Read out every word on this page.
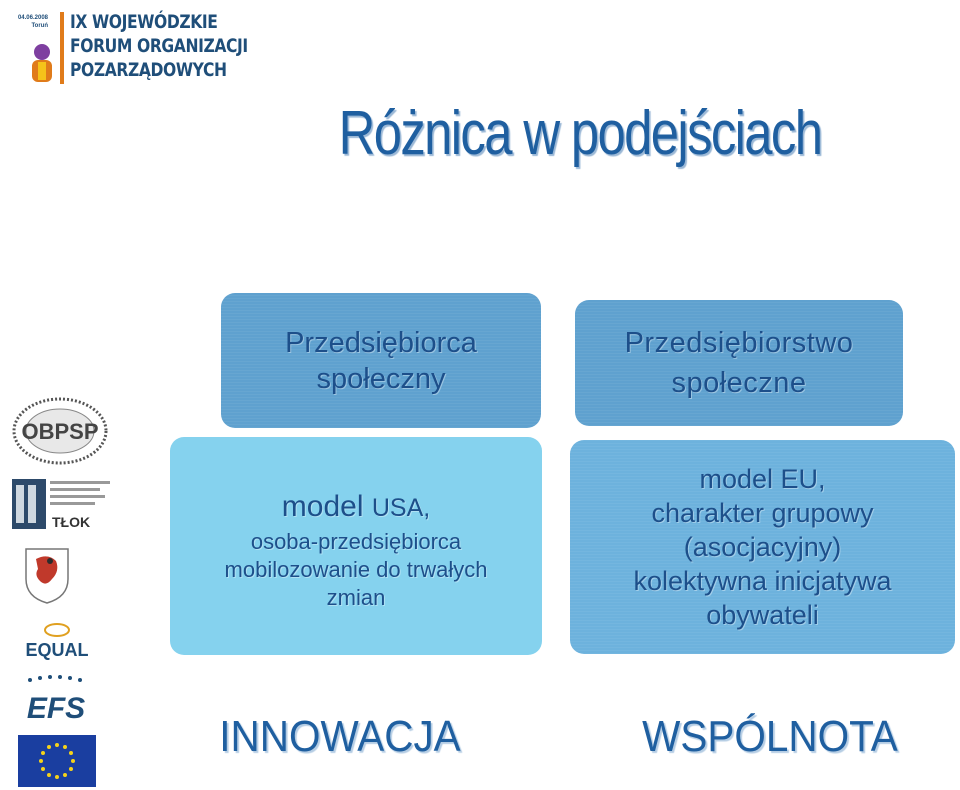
04.06.2008
Toruń IX WOJEWÓDZKIE
FORUM ORGANIZACJI
POZARZĄDOWYCH
Różnica w podejściach
Przedsiębiorca
społeczny
Przedsiębiorstwo
społeczne
model USA,
osoba-przedsiębiorca
mobilozowanie do trwałych
zmian
model EU,
charakter grupowy
(asocjacyjny)
kolektywna inicjatywa
obywateli
INNOWACJA	WSPÓLNOTA
OBPSP
TŁOK
EQUAL
EFS
